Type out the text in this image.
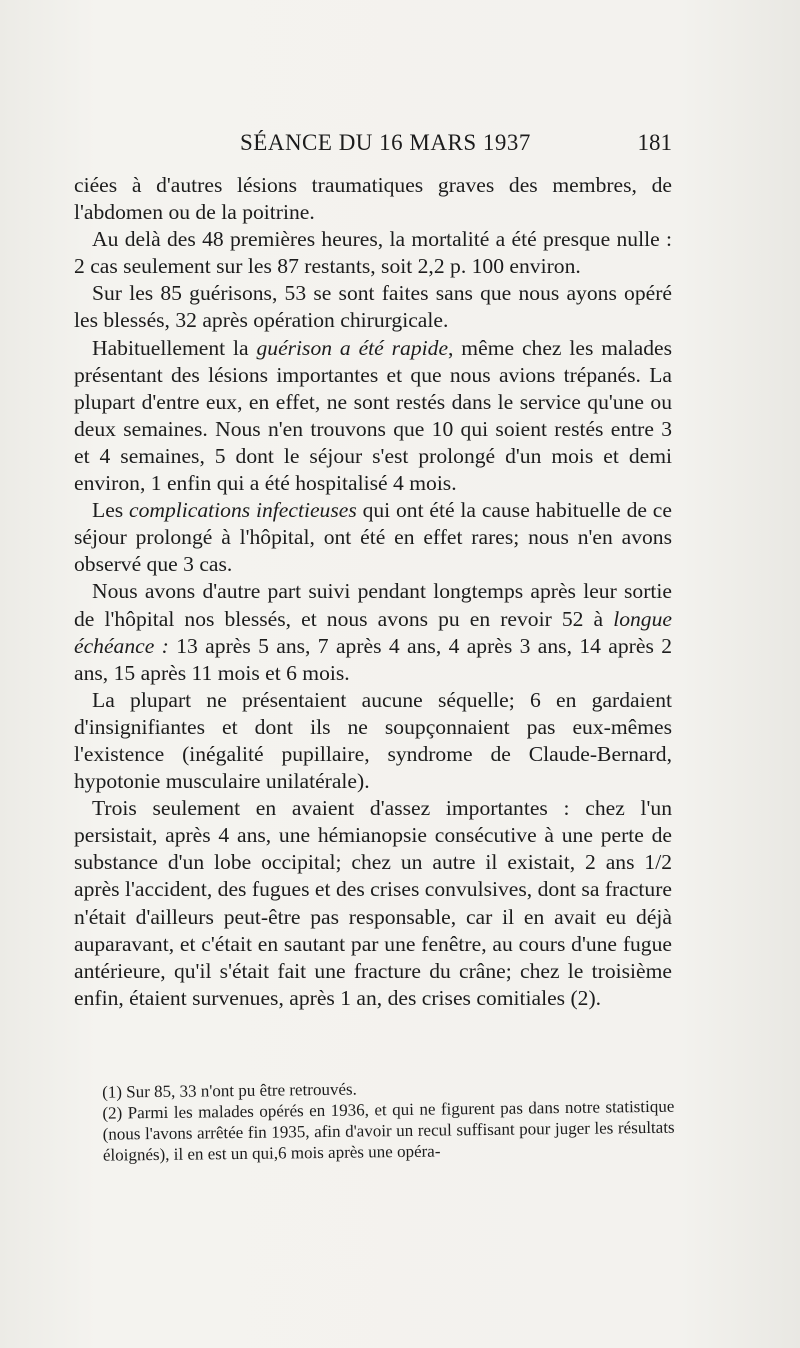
SÉANCE DU 16 MARS 1937	181

ciées à d'autres lésions traumatiques graves des membres, de l'abdomen ou de la poitrine.

Au delà des 48 premières heures, la mortalité a été presque nulle : 2 cas seulement sur les 87 restants, soit 2,2 p. 100 environ.

Sur les 85 guérisons, 53 se sont faites sans que nous ayons opéré les blessés, 32 après opération chirurgicale.

Habituellement la guérison a été rapide, même chez les malades présentant des lésions importantes et que nous avions trépanés. La plupart d'entre eux, en effet, ne sont restés dans le service qu'une ou deux semaines. Nous n'en trouvons que 10 qui soient restés entre 3 et 4 semaines, 5 dont le séjour s'est prolongé d'un mois et demi environ, 1 enfin qui a été hospitalisé 4 mois.

Les complications infectieuses qui ont été la cause habituelle de ce séjour prolongé à l'hôpital, ont été en effet rares; nous n'en avons observé que 3 cas.

Nous avons d'autre part suivi pendant longtemps après leur sortie de l'hôpital nos blessés, et nous avons pu en revoir 52 à longue échéance : 13 après 5 ans, 7 après 4 ans, 4 après 3 ans, 14 après 2 ans, 15 après 11 mois et 6 mois.

La plupart ne présentaient aucune séquelle; 6 en gardaient d'insignifiantes et dont ils ne soupçonnaient pas eux-mêmes l'existence (inégalité pupillaire, syndrome de Claude-Bernard, hypotonie musculaire unilatérale).

Trois seulement en avaient d'assez importantes : chez l'un persistait, après 4 ans, une hémianopsie consécutive à une perte de substance d'un lobe occipital; chez un autre il existait, 2 ans 1/2 après l'accident, des fugues et des crises convulsives, dont sa fracture n'était d'ailleurs peut-être pas responsable, car il en avait eu déjà auparavant, et c'était en sautant par une fenêtre, au cours d'une fugue antérieure, qu'il s'était fait une fracture du crâne; chez le troisième enfin, étaient survenues, après 1 an, des crises comitiales (2).

(1) Sur 85, 33 n'ont pu être retrouvés.

(2) Parmi les malades opérés en 1936, et qui ne figurent pas dans notre statistique (nous l'avons arrêtée fin 1935, afin d'avoir un recul suffisant pour juger les résultats éloignés), il en est un qui,6 mois après une opéra-
